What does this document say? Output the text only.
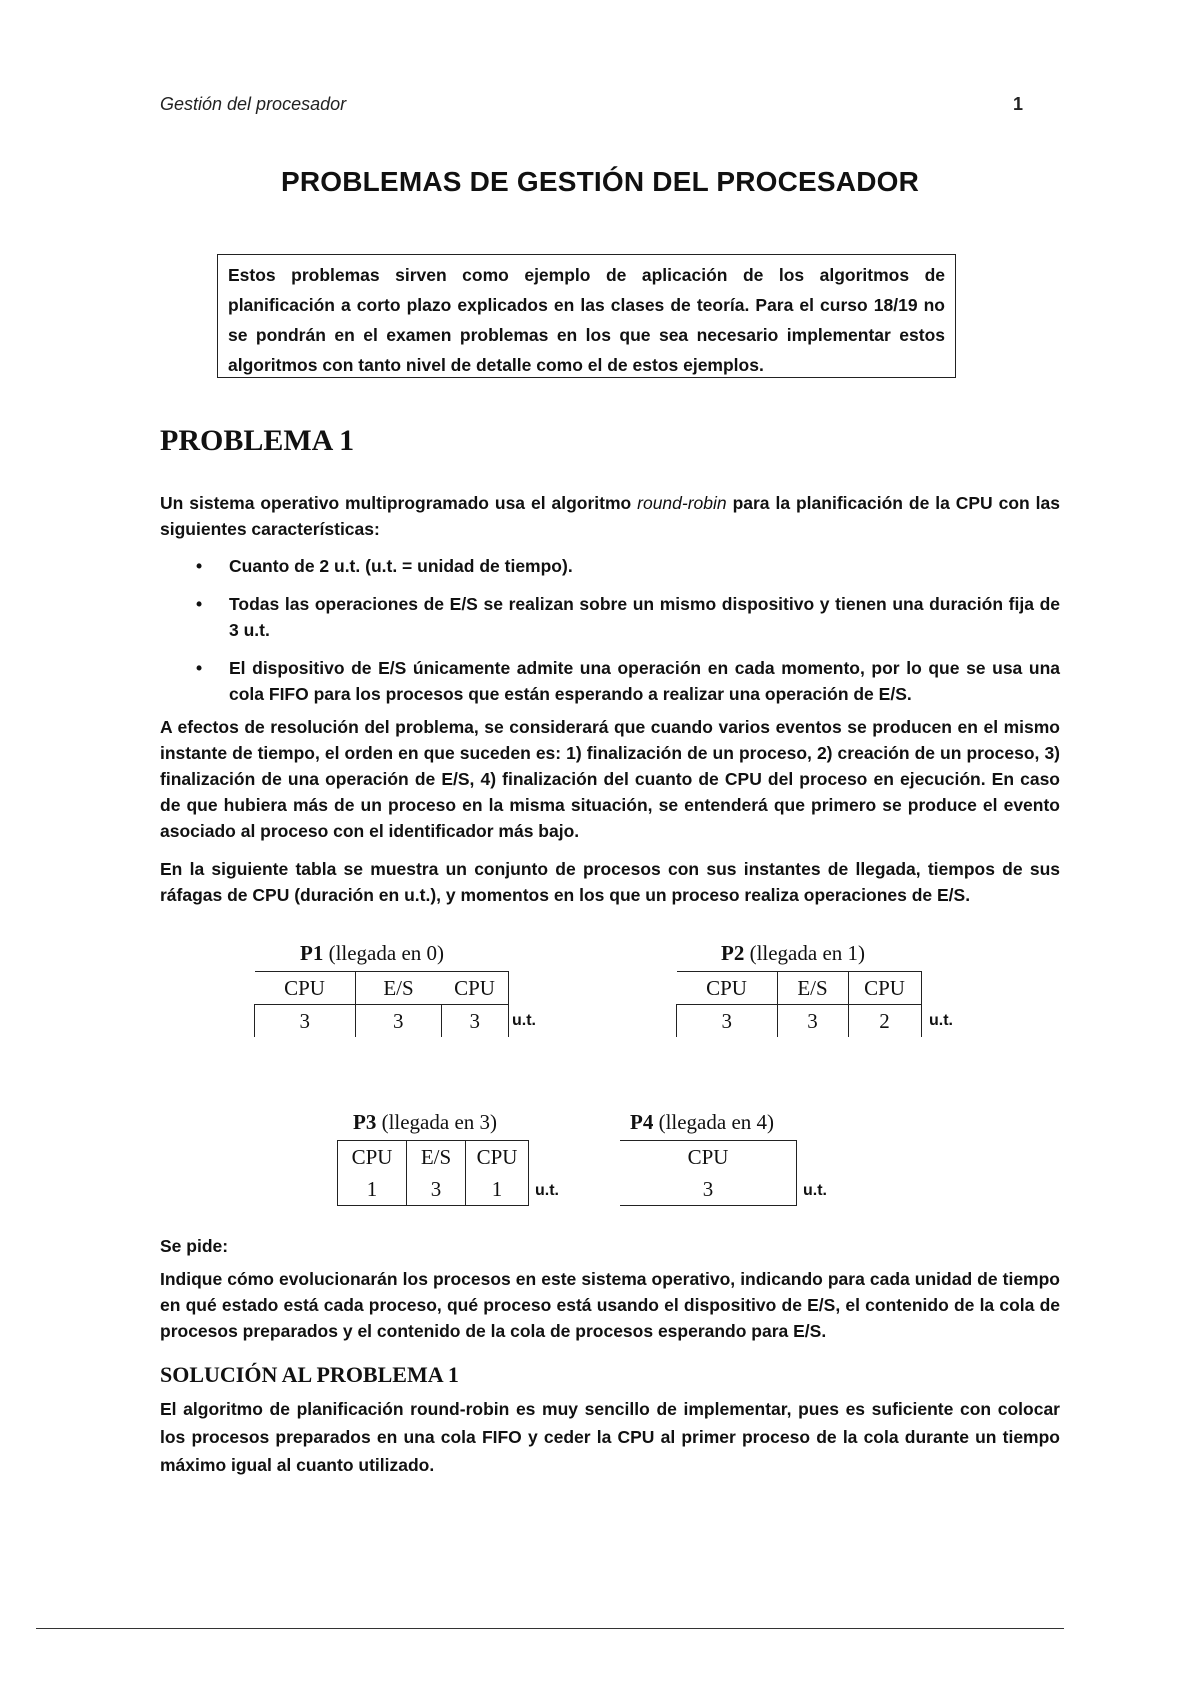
Gestión del procesador	1
PROBLEMAS DE GESTIÓN DEL PROCESADOR
Estos problemas sirven como ejemplo de aplicación de los algoritmos de planificación a corto plazo explicados en las clases de teoría. Para el curso 18/19 no se pondrán en el examen problemas en los que sea necesario implementar estos algoritmos con tanto nivel de detalle como el de estos ejemplos.
PROBLEMA 1
Un sistema operativo multiprogramado usa el algoritmo round-robin para la planificación de la CPU con las siguientes características:
• Cuanto de 2 u.t. (u.t. = unidad de tiempo).
• Todas las operaciones de E/S se realizan sobre un mismo dispositivo y tienen una duración fija de 3 u.t.
• El dispositivo de E/S únicamente admite una operación en cada momento, por lo que se usa una cola FIFO para los procesos que están esperando a realizar una operación de E/S.
A efectos de resolución del problema, se considerará que cuando varios eventos se producen en el mismo instante de tiempo, el orden en que suceden es: 1) finalización de un proceso, 2) creación de un proceso, 3) finalización de una operación de E/S, 4) finalización del cuanto de CPU del proceso en ejecución. En caso de que hubiera más de un proceso en la misma situación, se entenderá que primero se produce el evento asociado al proceso con el identificador más bajo.
En la siguiente tabla se muestra un conjunto de procesos con sus instantes de llegada, tiempos de sus ráfagas de CPU (duración en u.t.), y momentos en los que un proceso realiza operaciones de E/S.
P1 (llegada en 0)
CPU	E/S	CPU
3	3	3 u.t.
P2 (llegada en 1)
CPU	E/S	CPU
3	3	2 u.t.
P3 (llegada en 3)
CPU	E/S	CPU
1	3	1 u.t.
P4 (llegada en 4)
CPU
3	u.t.
Se pide:
Indique cómo evolucionarán los procesos en este sistema operativo, indicando para cada unidad de tiempo en qué estado está cada proceso, qué proceso está usando el dispositivo de E/S, el contenido de la cola de procesos preparados y el contenido de la cola de procesos esperando para E/S.
SOLUCIÓN AL PROBLEMA 1
El algoritmo de planificación round-robin es muy sencillo de implementar, pues es suficiente con colocar los procesos preparados en una cola FIFO y ceder la CPU al primer proceso de la cola durante un tiempo máximo igual al cuanto utilizado.
